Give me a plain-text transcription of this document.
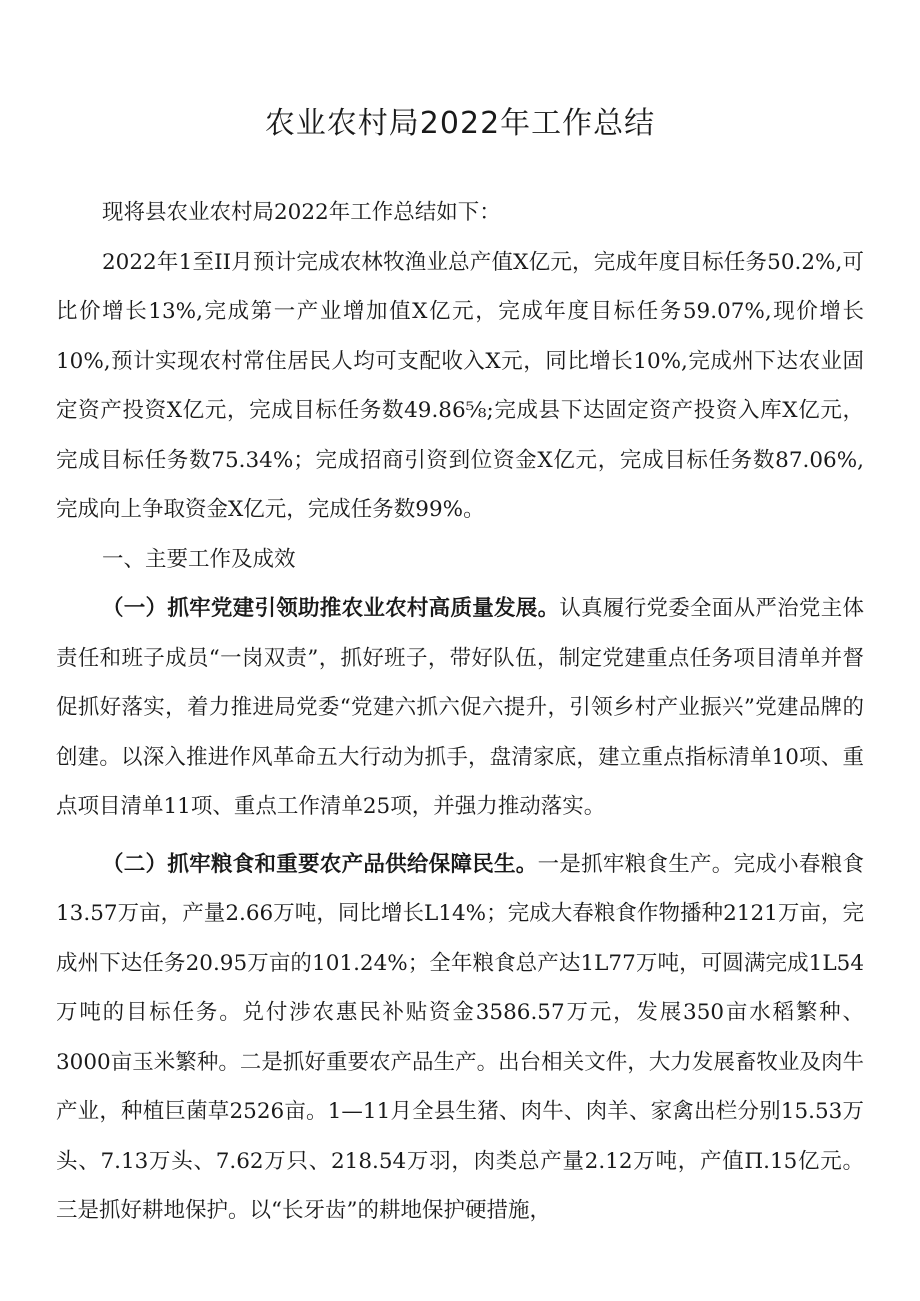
农业农村局2022年工作总结

现将县农业农村局2022年工作总结如下：

2022年1至II月预计完成农林牧渔业总产值X亿元，完成年度目标任务50.2%,可比价增长13%,完成第一产业增加值X亿元，完成年度目标任务59.07%,现价增长10%,预计实现农村常住居民人均可支配收入X元，同比增长10%,完成州下达农业固定资产投资X亿元，完成目标任务数49.86⅝;完成县下达固定资产投资入库X亿元，完成目标任务数75.34%；完成招商引资到位资金X亿元，完成目标任务数87.06%,完成向上争取资金X亿元，完成任务数99%。

一、主要工作及成效

（一）抓牢党建引领助推农业农村高质量发展。认真履行党委全面从严治党主体责任和班子成员“一岗双责”，抓好班子，带好队伍，制定党建重点任务项目清单并督促抓好落实，着力推进局党委“党建六抓六促六提升，引领乡村产业振兴”党建品牌的创建。以深入推进作风革命五大行动为抓手，盘清家底，建立重点指标清单10项、重点项目清单11项、重点工作清单25项，并强力推动落实。

（二）抓牢粮食和重要农产品供给保障民生。一是抓牢粮食生产。完成小春粮食13.57万亩，产量2.66万吨，同比增长L14%；完成大春粮食作物播种2121万亩，完成州下达任务20.95万亩的101.24%；全年粮食总产达1L77万吨，可圆满完成1L54万吨的目标任务。兑付涉农惠民补贴资金3586.57万元，发展350亩水稻繁种、3000亩玉米繁种。二是抓好重要农产品生产。出台相关文件，大力发展畜牧业及肉牛产业，种植巨菌草2526亩。1—11月全县生猪、肉牛、肉羊、家禽出栏分别15.53万头、7.13万头、7.62万只、218.54万羽，肉类总产量2.12万吨，产值Π.15亿元。三是抓好耕地保护。以“长牙齿”的耕地保护硬措施，
